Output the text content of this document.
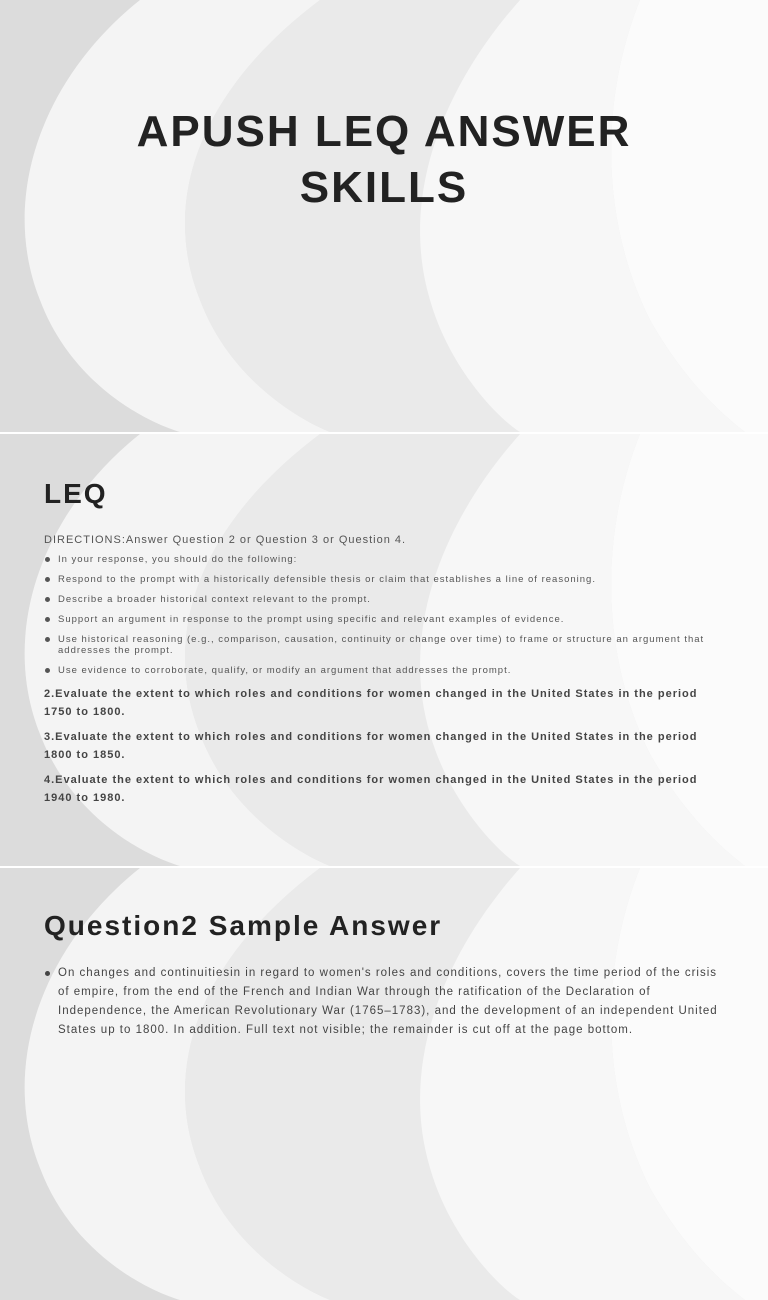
APUSH LEQ ANSWER
SKILLS
LEQ
DIRECTIONS:Answer Question 2 or Question 3 or Question 4.
In your response, you should do the following:
Respond to the prompt with a historically defensible thesis or claim that establishes a line of reasoning.
Describe a broader historical context relevant to the prompt.
Support an argument in response to the prompt using specific and relevant examples of evidence.
Use historical reasoning (e.g., comparison, causation, continuity or change over time) to frame or structure an argument that addresses the prompt.
Use evidence to corroborate, qualify, or modify an argument that addresses the prompt.

2.Evaluate the extent to which roles and conditions for women changed in the United States in the period 1750 to 1800.

3.Evaluate the extent to which roles and conditions for women changed in the United States in the period 1800 to 1850.

4.Evaluate the extent to which roles and conditions for women changed in the United States in the period 1940 to 1980.

Question2 Sample Answer
On changes and continuitiesin in regard to women's roles and conditions, covers the time period of the crisis of empire, from the end of the French and Indian War through the ratification of the Declaration of Independence, the American Revolutionary War (1765–1783), and the development of an independent United States up to 1800. In addition. Full text not visible; the remainder is cut off at the page bottom.
